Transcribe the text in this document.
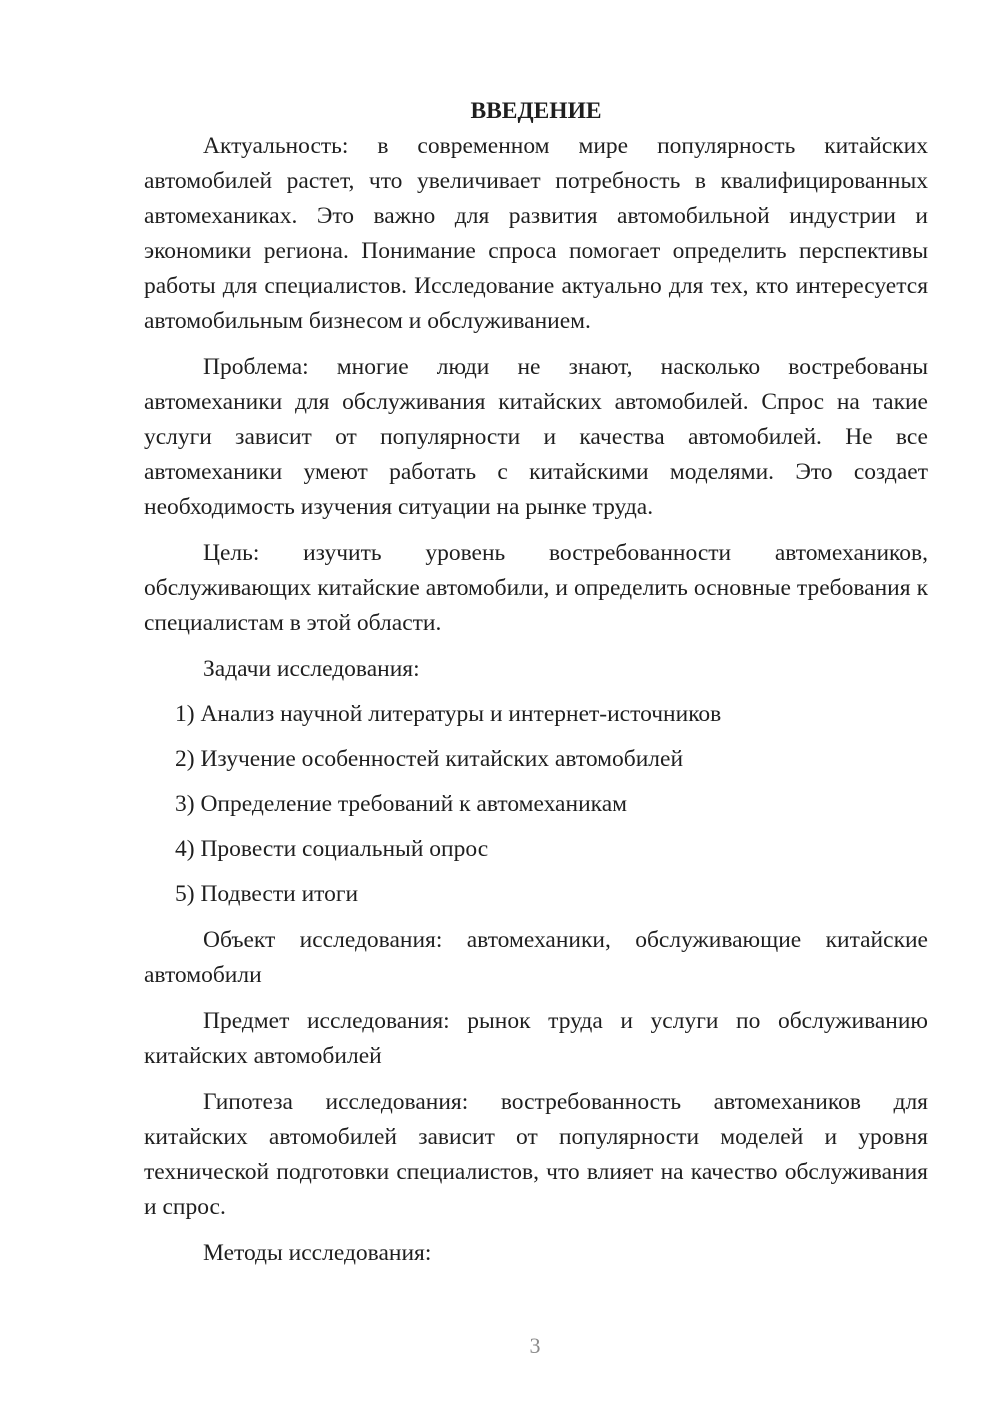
ВВЕДЕНИЕ

Актуальность: в современном мире популярность китайских автомобилей растет, что увеличивает потребность в квалифицированных автомеханиках. Это важно для развития автомобильной индустрии и экономики региона. Понимание спроса помогает определить перспективы работы для специалистов. Исследование актуально для тех, кто интересуется автомобильным бизнесом и обслуживанием.

Проблема: многие люди не знают, насколько востребованы автомеханики для обслуживания китайских автомобилей. Спрос на такие услуги зависит от популярности и качества автомобилей. Не все автомеханики умеют работать с китайскими моделями. Это создает необходимость изучения ситуации на рынке труда.

Цель: изучить уровень востребованности автомехаников, обслуживающих китайские автомобили, и определить основные требования к специалистам в этой области.

Задачи исследования:

1) Анализ научной литературы и интернет-источников
2) Изучение особенностей китайских автомобилей
3) Определение требований к автомеханикам
4) Провести социальный опрос
5) Подвести итоги

Объект исследования: автомеханики, обслуживающие китайские автомобили

Предмет исследования: рынок труда и услуги по обслуживанию китайских автомобилей

Гипотеза исследования: востребованность автомехаников для китайских автомобилей зависит от популярности моделей и уровня технической подготовки специалистов, что влияет на качество обслуживания и спрос.

Методы исследования:

3
